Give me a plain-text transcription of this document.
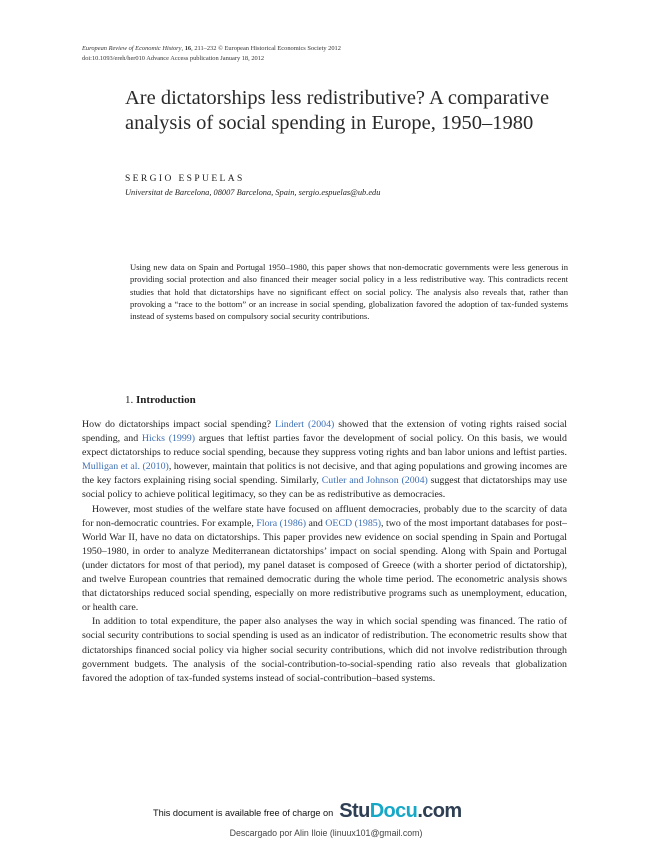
European Review of Economic History, 16, 211–232 © European Historical Economics Society 2012
doi:10.1093/ereh/her010 Advance Access publication January 18, 2012
Are dictatorships less redistributive? A comparative analysis of social spending in Europe, 1950–1980
SERGIO ESPUELAS
Universitat de Barcelona, 08007 Barcelona, Spain, sergio.espuelas@ub.edu
Using new data on Spain and Portugal 1950–1980, this paper shows that non-democratic governments were less generous in providing social protection and also financed their meager social policy in a less redistributive way. This contradicts recent studies that hold that dictatorships have no significant effect on social policy. The analysis also reveals that, rather than provoking a “race to the bottom” or an increase in social spending, globalization favored the adoption of tax-funded systems instead of systems based on compulsory social security contributions.
1. Introduction

How do dictatorships impact social spending? Lindert (2004) showed that the extension of voting rights raised social spending, and Hicks (1999) argues that leftist parties favor the development of social policy. On this basis, we would expect dictatorships to reduce social spending, because they suppress voting rights and ban labor unions and leftist parties. Mulligan et al. (2010), however, maintain that politics is not decisive, and that aging populations and growing incomes are the key factors explaining rising social spending. Similarly, Cutler and Johnson (2004) suggest that dictatorships may use social policy to achieve political legitimacy, so they can be as redistributive as democracies.

However, most studies of the welfare state have focused on affluent democracies, probably due to the scarcity of data for non-democratic countries. For example, Flora (1986) and OECD (1985), two of the most important databases for post–World War II, have no data on dictatorships. This paper provides new evidence on social spending in Spain and Portugal 1950–1980, in order to analyze Mediterranean dictatorships’ impact on social spending. Along with Spain and Portugal (under dictators for most of that period), my panel dataset is composed of Greece (with a shorter period of dictatorship), and twelve European countries that remained democratic during the whole time period. The econometric analysis shows that dictatorships reduced social spending, especially on more redistributive programs such as unemployment, education, or health care.

In addition to total expenditure, the paper also analyses the way in which social spending was financed. The ratio of social security contributions to social spending is used as an indicator of redistribution. The econometric results show that dictatorships financed social policy via higher social security contributions, which did not involve redistribution through government budgets. The analysis of the social-contribution-to-social-spending ratio also reveals that globalization favored the adoption of tax-funded systems instead of social-contribution–based systems.

This document is available free of charge on StuDocu.com
Descargado por Alin Iloie (linuux101@gmail.com)
